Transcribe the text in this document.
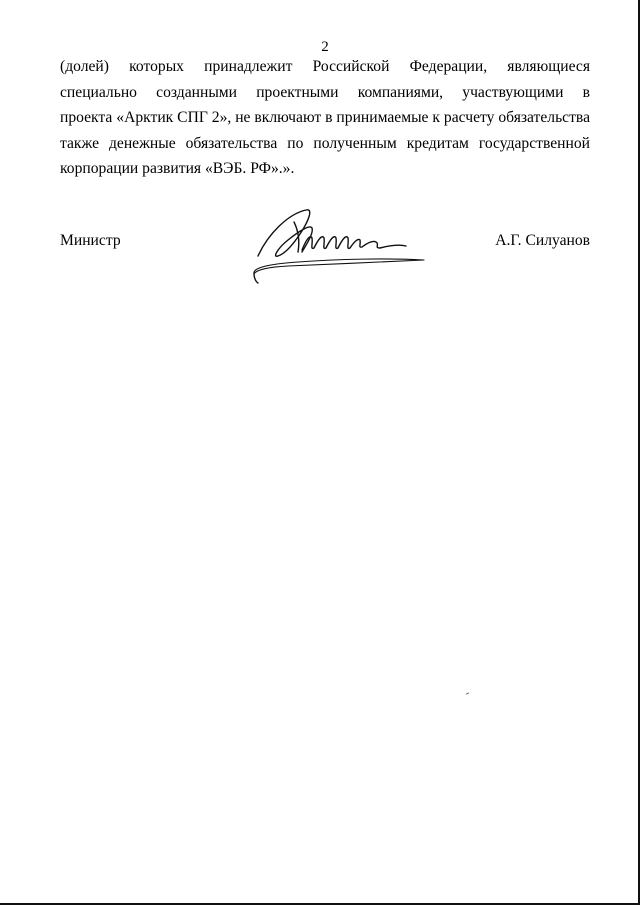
2
(долей) которых принадлежит Российской Федерации, являющиеся
специально созданными проектными компаниями, участвующими в
проекта «Арктик СПГ 2», не включают в принимаемые к расчету обязательства
также денежные обязательства по полученным кредитам государственной
корпорации развития «ВЭБ. РФ».».
Министр	А.Г. Силуанов
